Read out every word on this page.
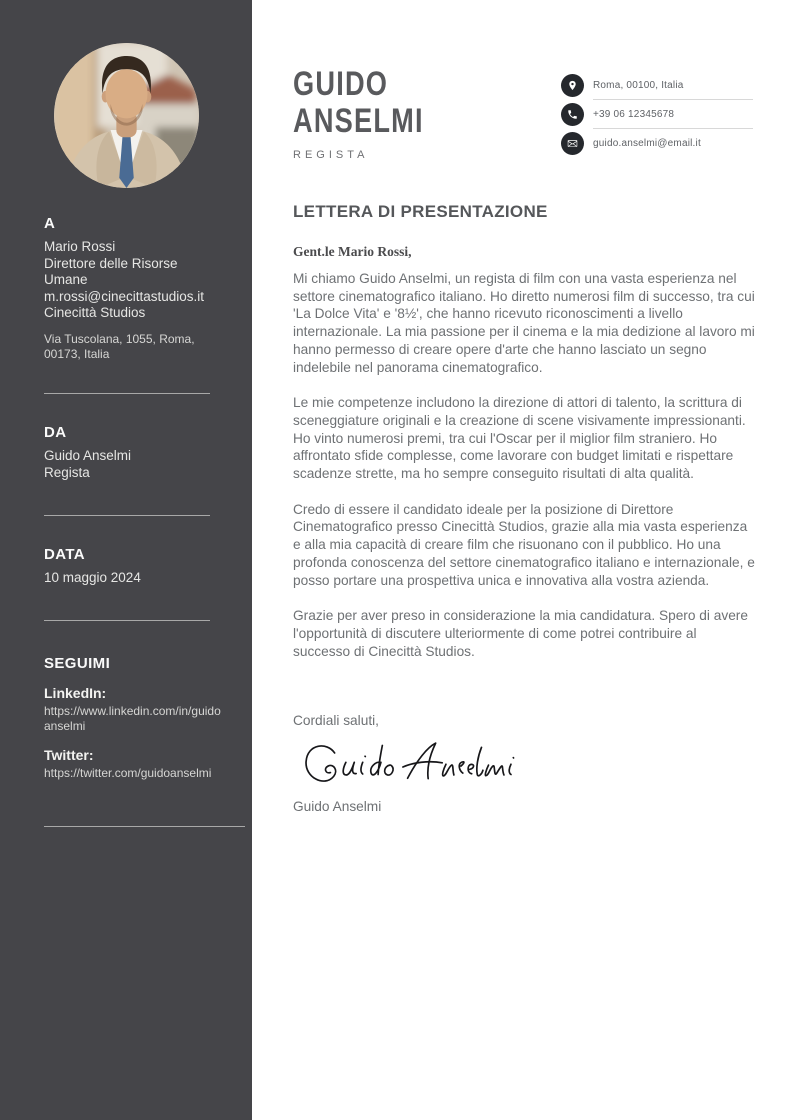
A
Mario Rossi
Direttore delle Risorse Umane
m.rossi@cinecittastudios.it
Cinecittà Studios
Via Tuscolana, 1055, Roma, 00173, Italia
DA
Guido Anselmi
Regista
DATA
10 maggio 2024
SEGUIMI
LinkedIn:
https://www.linkedin.com/in/guidoanselmi
Twitter:
https://twitter.com/guidoanselmi
GUIDO
ANSELMI
REGISTA
Roma, 00100, Italia
+39 06 12345678
guido.anselmi@email.it
LETTERA DI PRESENTAZIONE
Gent.le Mario Rossi,

Mi chiamo Guido Anselmi, un regista di film con una vasta esperienza nel settore cinematografico italiano. Ho diretto numerosi film di successo, tra cui 'La Dolce Vita' e '8½', che hanno ricevuto riconoscimenti a livello internazionale. La mia passione per il cinema e la mia dedizione al lavoro mi hanno permesso di creare opere d'arte che hanno lasciato un segno indelebile nel panorama cinematografico.

Le mie competenze includono la direzione di attori di talento, la scrittura di sceneggiature originali e la creazione di scene visivamente impressionanti. Ho vinto numerosi premi, tra cui l'Oscar per il miglior film straniero. Ho affrontato sfide complesse, come lavorare con budget limitati e rispettare scadenze strette, ma ho sempre conseguito risultati di alta qualità.

Credo di essere il candidato ideale per la posizione di Direttore Cinematografico presso Cinecittà Studios, grazie alla mia vasta esperienza e alla mia capacità di creare film che risuonano con il pubblico. Ho una profonda conoscenza del settore cinematografico italiano e internazionale, e posso portare una prospettiva unica e innovativa alla vostra azienda.

Grazie per aver preso in considerazione la mia candidatura. Spero di avere l'opportunità di discutere ulteriormente di come potrei contribuire al successo di Cinecittà Studios.

Cordiali saluti,

Guido Anselmi
